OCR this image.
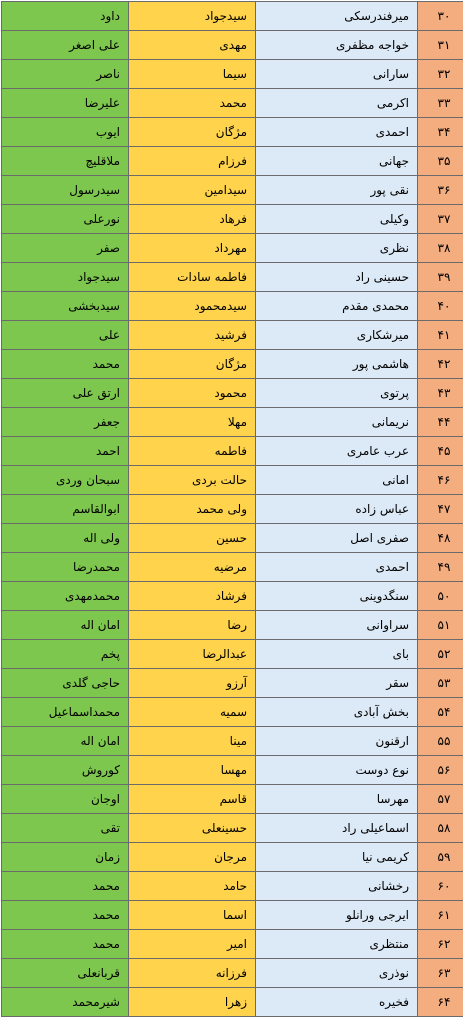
۳۰	میرفندرسکی	سیدجواد	داود
۳۱	خواجه مظفری	مهدی	علی اصغر
۳۲	سارانی	سیما	ناصر
۳۳	اکرمی	محمد	علیرضا
۳۴	احمدی	مژگان	ایوب
۳۵	جهانی	فرزام	ملاقلیچ
۳۶	نقی پور	سیدامین	سیدرسول
۳۷	وکیلی	فرهاد	نورعلی
۳۸	نظری	مهرداد	صفر
۳۹	حسینی راد	فاطمه سادات	سیدجواد
۴۰	محمدی مقدم	سیدمحمود	سیدبخشی
۴۱	میرشکاری	فرشید	علی
۴۲	هاشمی پور	مژگان	محمد
۴۳	پرتوی	محمود	ارتق علی
۴۴	نریمانی	مهلا	جعفر
۴۵	عرب عامری	فاطمه	احمد
۴۶	امانی	حالت بردی	سبحان وردی
۴۷	عباس زاده	ولی محمد	ابوالقاسم
۴۸	صفری اصل	حسین	ولی اله
۴۹	احمدی	مرضیه	محمدرضا
۵۰	سنگدوینی	فرشاد	محمدمهدی
۵۱	سراوانی	رضا	امان اله
۵۲	بای	عبدالرضا	پخم
۵۳	سقر	آرزو	حاجی گلدی
۵۴	بخش آبادی	سمیه	محمداسماعیل
۵۵	ارقنون	مینا	امان اله
۵۶	نوع دوست	مهسا	کوروش
۵۷	مهرسا	قاسم	اوجان
۵۸	اسماعیلی راد	حسینعلی	تقی
۵۹	کریمی نیا	مرجان	زمان
۶۰	رخشانی	حامد	محمد
۶۱	ایرجی ورانلو	اسما	محمد
۶۲	منتظری	امیر	محمد
۶۳	نوذری	فرزانه	قربانعلی
۶۴	فخیره	زهرا	شیرمحمد
